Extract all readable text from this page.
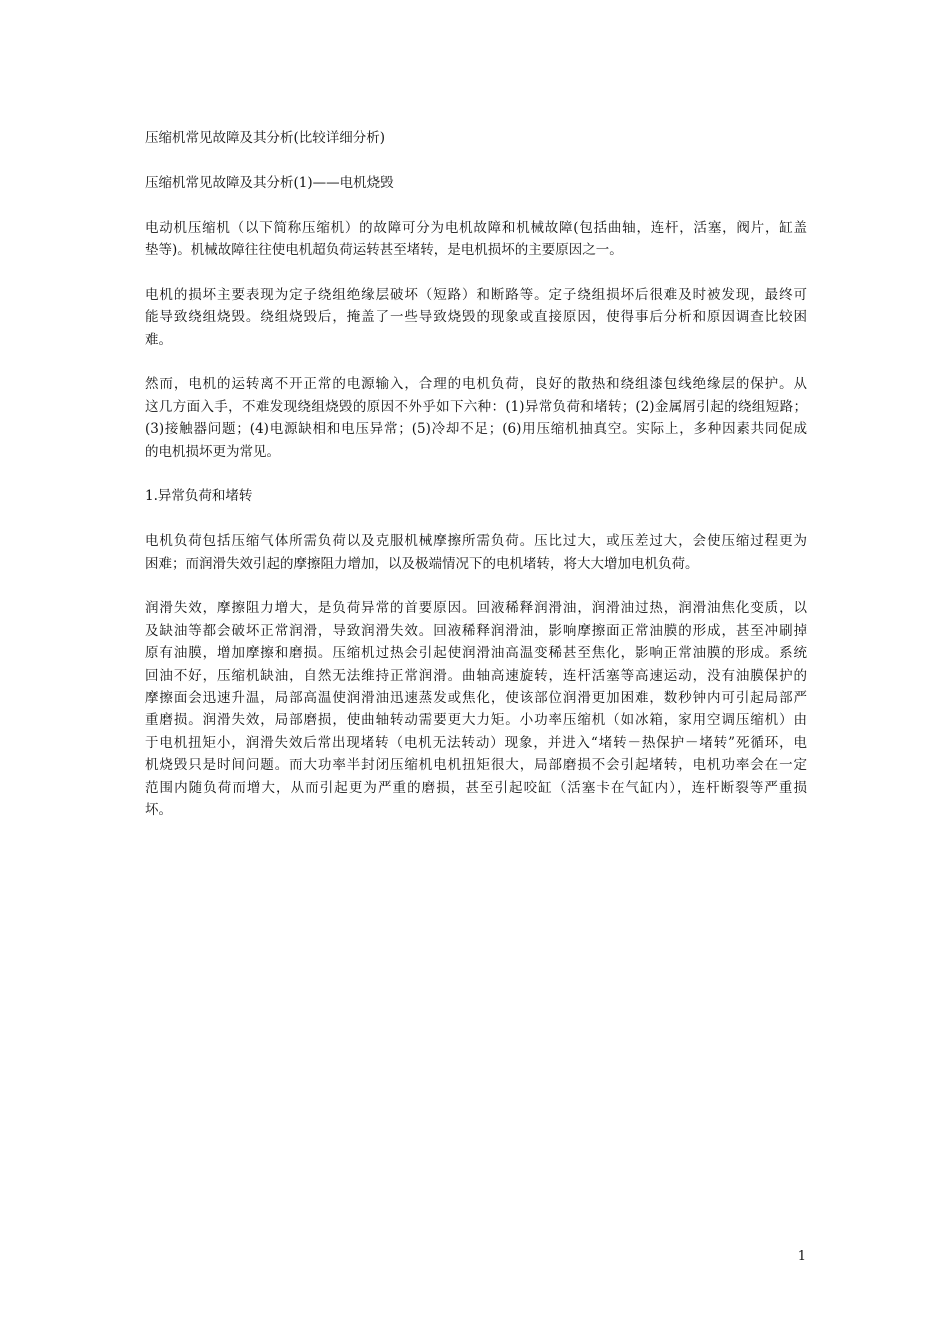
压缩机常见故障及其分析(比较详细分析)

压缩机常见故障及其分析(1)——电机烧毁

电动机压缩机（以下简称压缩机）的故障可分为电机故障和机械故障(包括曲轴，连杆，活塞，阀片，缸盖

垫等)。机械故障往往使电机超负荷运转甚至堵转，是电机损坏的主要原因之一。

电机的损坏主要表现为定子绕组绝缘层破坏（短路）和断路等。定子绕组损坏后很难及时被发现，最终可

能导致绕组烧毁。绕组烧毁后，掩盖了一些导致烧毁的现象或直接原因，使得事后分析和原因调查比较困

难。

然而，电机的运转离不开正常的电源输入，合理的电机负荷，良好的散热和绕组漆包线绝缘层的保护。从

这几方面入手，不难发现绕组烧毁的原因不外乎如下六种：(1)异常负荷和堵转；(2)金属屑引起的绕组短路；

(3)接触器问题；(4)电源缺相和电压异常；(5)冷却不足；(6)用压缩机抽真空。实际上，多种因素共同促成

的电机损坏更为常见。

1.异常负荷和堵转

电机负荷包括压缩气体所需负荷以及克服机械摩擦所需负荷。压比过大，或压差过大，会使压缩过程更为

困难；而润滑失效引起的摩擦阻力增加，以及极端情况下的电机堵转，将大大增加电机负荷。

润滑失效，摩擦阻力增大，是负荷异常的首要原因。回液稀释润滑油，润滑油过热，润滑油焦化变质，以

及缺油等都会破坏正常润滑，导致润滑失效。回液稀释润滑油，影响摩擦面正常油膜的形成，甚至冲刷掉

原有油膜，增加摩擦和磨损。压缩机过热会引起使润滑油高温变稀甚至焦化，影响正常油膜的形成。系统

回油不好，压缩机缺油，自然无法维持正常润滑。曲轴高速旋转，连杆活塞等高速运动，没有油膜保护的

摩擦面会迅速升温，局部高温使润滑油迅速蒸发或焦化，使该部位润滑更加困难，数秒钟内可引起局部严

重磨损。润滑失效，局部磨损，使曲轴转动需要更大力矩。小功率压缩机（如冰箱，家用空调压缩机）由

于电机扭矩小，润滑失效后常出现堵转（电机无法转动）现象，并进入“堵转－热保护－堵转”死循环，电

机烧毁只是时间问题。而大功率半封闭压缩机电机扭矩很大，局部磨损不会引起堵转，电机功率会在一定

范围内随负荷而增大，从而引起更为严重的磨损，甚至引起咬缸（活塞卡在气缸内），连杆断裂等严重损

坏。

1
